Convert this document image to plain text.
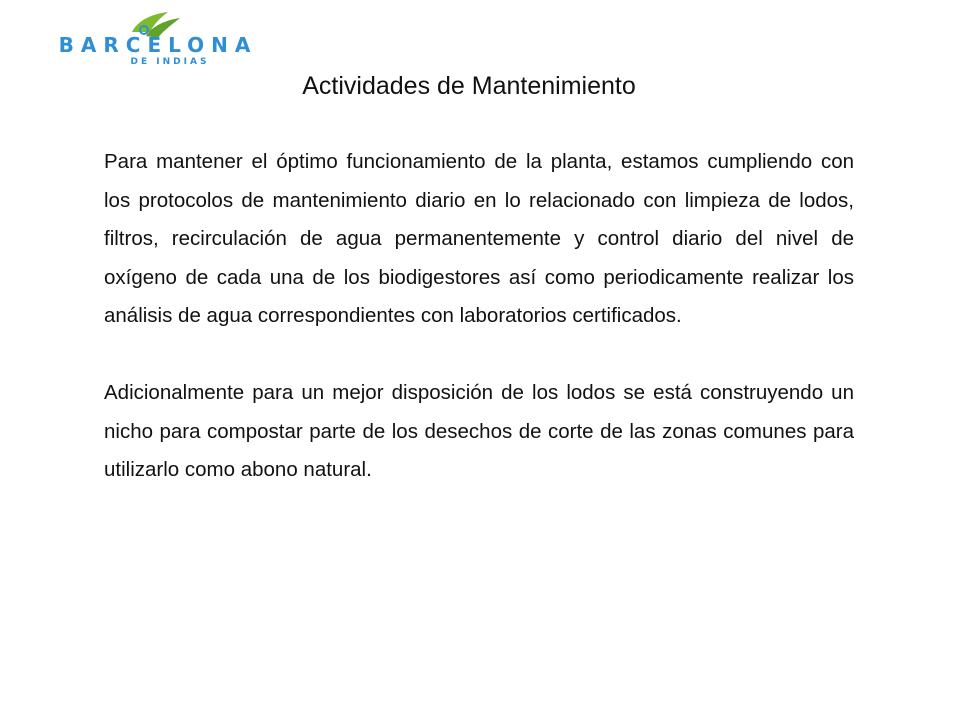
BARCELONA
DE INDIAS
Actividades de Mantenimiento

Para mantener el óptimo funcionamiento de la planta, estamos cumpliendo con los protocolos de mantenimiento diario en lo relacionado con limpieza de lodos, filtros, recirculación de agua permanentemente y control diario del nivel de oxígeno de cada una de los biodigestores así como periodicamente realizar los análisis de agua correspondientes con laboratorios certificados.

Adicionalmente para un mejor disposición de los lodos se está construyendo un nicho para compostar parte de los desechos de corte de las zonas comunes para utilizarlo como abono natural.
